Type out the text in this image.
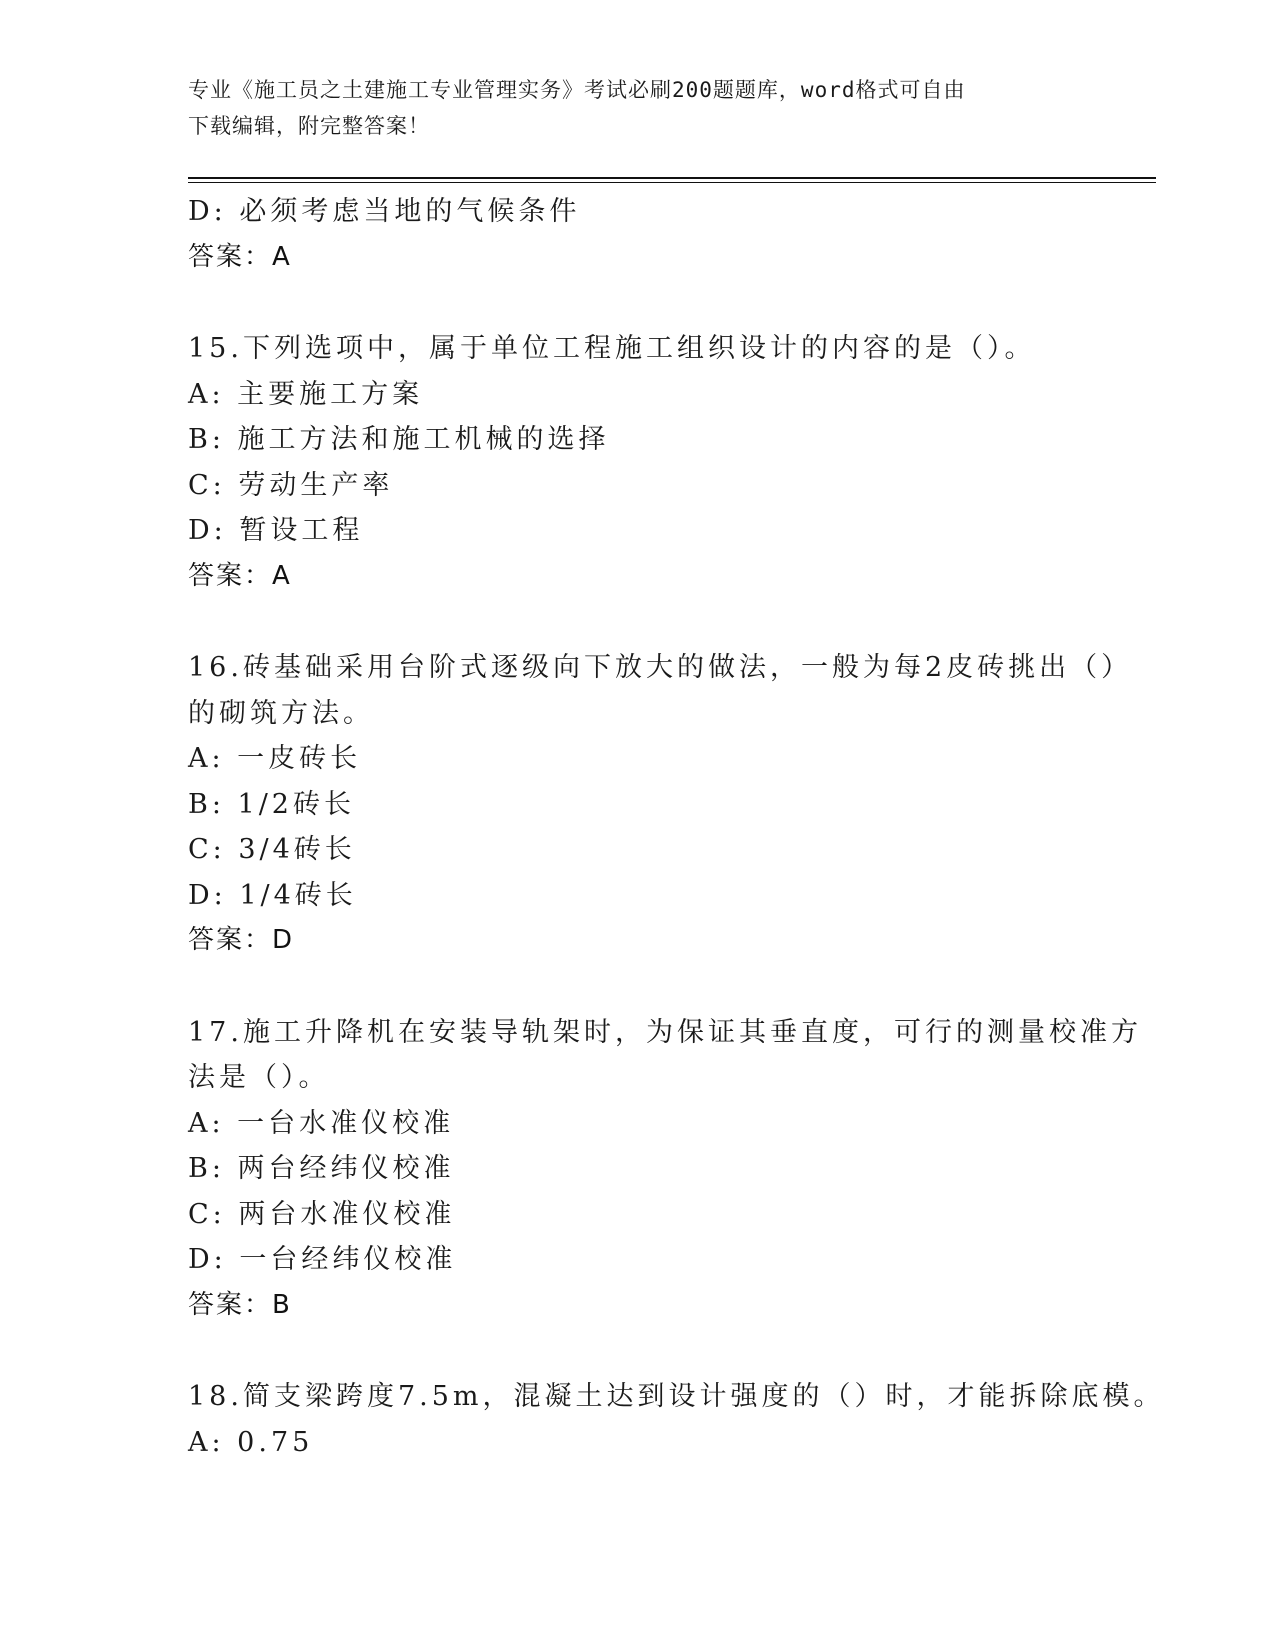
专业《施工员之土建施工专业管理实务》考试必刷200题题库，word格式可自由
下载编辑，附完整答案！
D: 必须考虑当地的气候条件
答案：A
15.下列选项中，属于单位工程施工组织设计的内容的是（）。
A: 主要施工方案
B: 施工方法和施工机械的选择
C: 劳动生产率
D: 暂设工程
答案：A
16.砖基础采用台阶式逐级向下放大的做法，一般为每2皮砖挑出（）
的砌筑方法。
A: 一皮砖长
B: 1/2砖长
C: 3/4砖长
D: 1/4砖长
答案：D
17.施工升降机在安装导轨架时，为保证其垂直度，可行的测量校准方
法是（）。
A: 一台水准仪校准
B: 两台经纬仪校准
C: 两台水准仪校准
D: 一台经纬仪校准
答案：B
18.简支梁跨度7.5m，混凝土达到设计强度的（）时，才能拆除底模。
A: 0.75
